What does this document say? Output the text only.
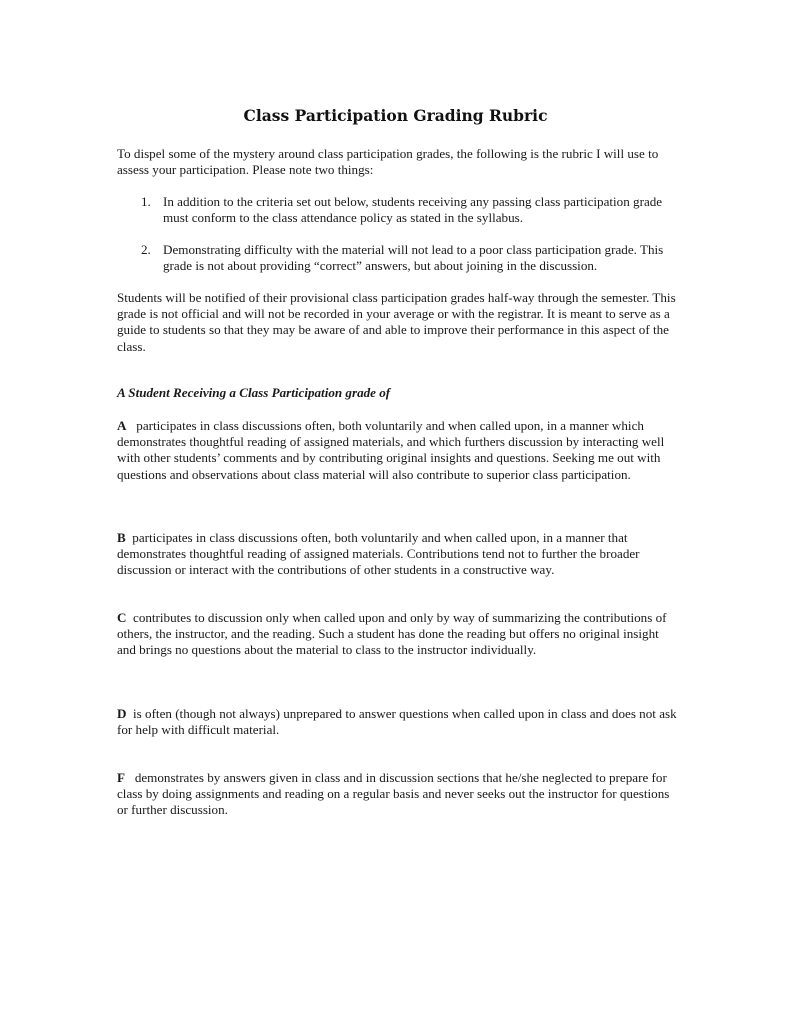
Class Participation Grading Rubric

To dispel some of the mystery around class participation grades, the following is the rubric I will use to assess your participation. Please note two things:

1. In addition to the criteria set out below, students receiving any passing class participation grade must conform to the class attendance policy as stated in the syllabus.

2. Demonstrating difficulty with the material will not lead to a poor class participation grade. This grade is not about providing “correct” answers, but about joining in the discussion.

Students will be notified of their provisional class participation grades half-way through the semester. This grade is not official and will not be recorded in your average or with the registrar. It is meant to serve as a guide to students so that they may be aware of and able to improve their performance in this aspect of the class.

A Student Receiving a Class Participation grade of

A participates in class discussions often, both voluntarily and when called upon, in a manner which demonstrates thoughtful reading of assigned materials, and which furthers discussion by interacting well with other students’ comments and by contributing original insights and questions. Seeking me out with questions and observations about class material will also contribute to superior class participation.

B participates in class discussions often, both voluntarily and when called upon, in a manner that demonstrates thoughtful reading of assigned materials. Contributions tend not to further the broader discussion or interact with the contributions of other students in a constructive way.

C contributes to discussion only when called upon and only by way of summarizing the contributions of others, the instructor, and the reading. Such a student has done the reading but offers no original insight and brings no questions about the material to class to the instructor individually.

D is often (though not always) unprepared to answer questions when called upon in class and does not ask for help with difficult material.

F demonstrates by answers given in class and in discussion sections that he/she neglected to prepare for class by doing assignments and reading on a regular basis and never seeks out the instructor for questions or further discussion.
